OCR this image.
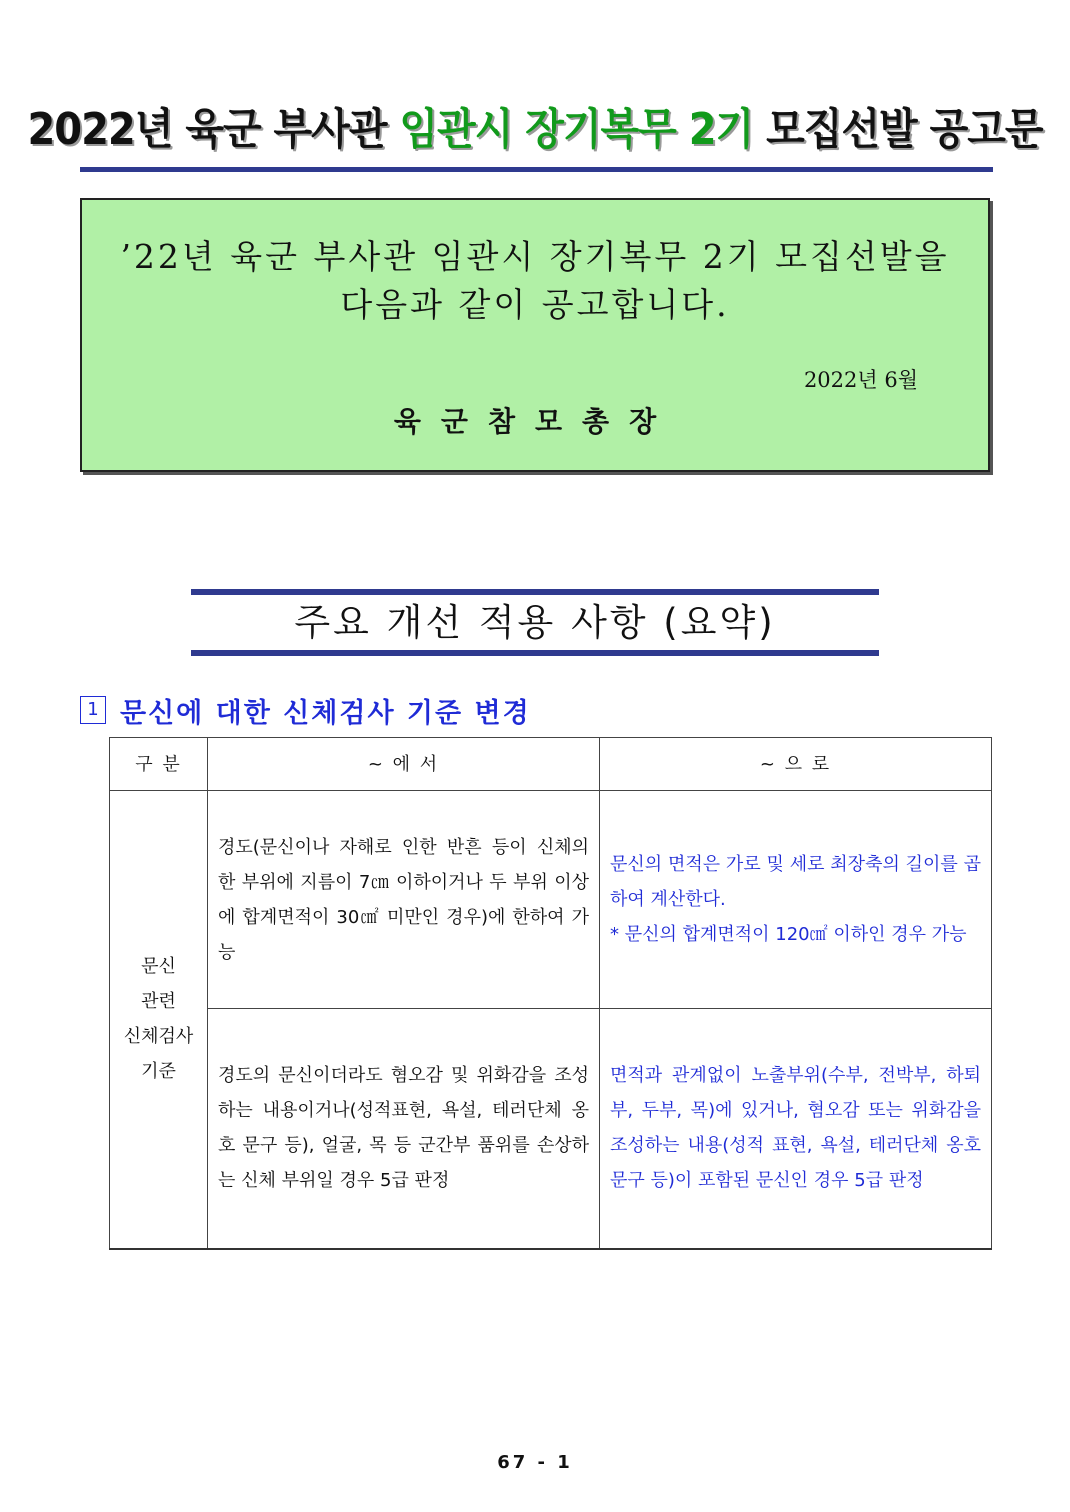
2022년 육군 부사관 임관시 장기복무 2기 모집선발 공고문
’22년 육군 부사관 임관시 장기복무 2기 모집선발을
다음과 같이 공고합니다.
2022년 6월
육군참모총장
주요 개선 적용 사항 (요약)
1 문신에 대한 신체검사 기준 변경
구 분	~ 에 서	~ 으 로
문신
관련
신체검사
기준	경도(문신이나 자해로 인한 반흔 등이 신체의 한 부위에 지름이 7㎝ 이하이거나 두 부위 이상에 합계면적이 30㎠ 미만인 경우)에 한하여 가능	문신의 면적은 가로 및 세로 최장축의 길이를 곱하여 계산한다.
* 문신의 합계면적이 120㎠ 이하인 경우 가능

	경도의 문신이더라도 혐오감 및 위화감을 조성하는 내용이거나(성적표현, 욕설, 테러단체 옹호 문구 등), 얼굴, 목 등 군간부 품위를 손상하는 신체 부위일 경우 5급 판정	면적과 관계없이 노출부위(수부, 전박부, 하퇴부, 두부, 목)에 있거나, 혐오감 또는 위화감을 조성하는 내용(성적 표현, 욕설, 테러단체 옹호 문구 등)이 포함된 문신인 경우 5급 판정
67 - 1
